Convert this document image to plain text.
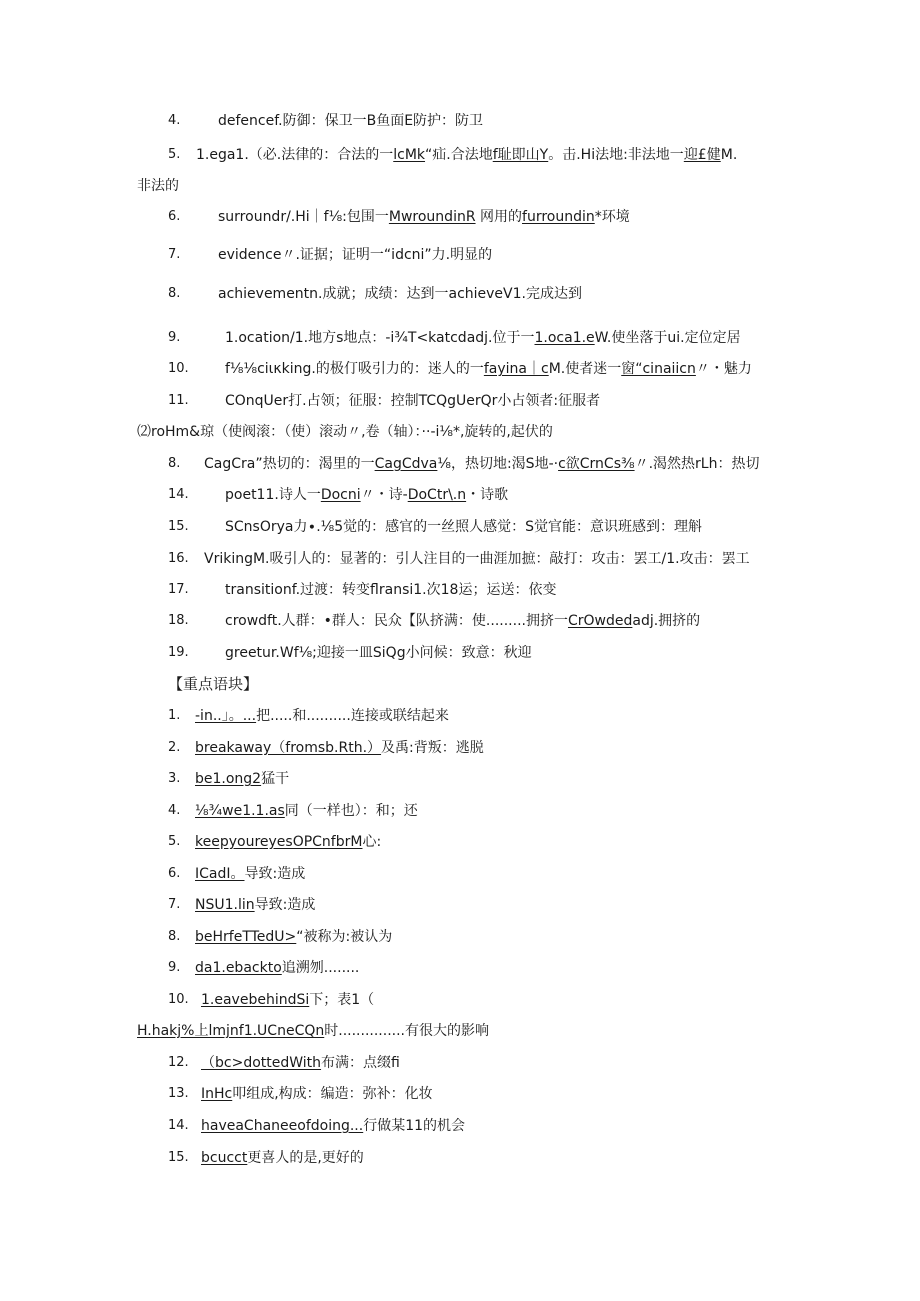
4.	defencef.防御：保卫一B鱼面E防护：防卫
5. 1.ega1.（必.法律的：合法的一lcMk“疝.合法地f耻即山Y。击.Hi法地:非法地一迎£健M.
非法的
6.	surroundr/.Hi｜f⅛:包围一MwroundinR 网用的furroundin*环境
7.	evidence〃.证据；证明一“idcni”力.明显的
8.	achievementn.成就；成绩：达到一achieveV1.完成达到
9.	1.ocation/1.地方s地点：-i¾T<katcdadj.位于一1.oca1.eW.使坐落于ui.定位定居
10.	f⅛⅛ciικking.的极仃吸引力的：迷人的一fayina｜cM.使者迷一窗“cinaiicn〃・魅力
11.	COnqUer打.占领；征服：控制TCQgUerQr小占领者:征服者
⑵roHm&琼（使阀滚：（使）滚动〃,卷（轴）：··-i⅛*,旋转的,起伏的
8. CagCra”热切的：渴里的一CagCdva⅛，热切地:渴S地-·c欲CrnCs⅜〃.渴然热rLh：热切
14.	poet11.诗人一Docni〃・诗-DoCtr\.n・诗歌
15.	SCnsOrya力∙.⅛5觉的：感官的一丝照人感觉：S觉官能：意识班感到：理斛
16. VrikingM.吸引人的：显著的：引人注目的一曲涯加摭：敲打：攻击：罢工/1.攻击：罢工
17.	transitionf.过渡：转变flransi1.次18运；运送：依变
18.	crowdft.人群：•群人：民众【队挤满：使.........拥挤一CrOwdedadj.拥挤的
19.	greetur.Wf⅛;迎接一皿SiQg小问候：致意：秋迎
【重点语块】
1. -in..」。...把.....和..........连接或联结起来
2. breakaway（fromsb.Rth.）及禹:背叛：逃脱
3. be1.ong2猛干
4. ⅛¾we1.1.as同（一样也）：和；还
5. keepyoureyesOPCnfbrM心:
6. ICadI。导致:造成
7. NSU1.lin导致:造成
8. beHrfeTTedU>“被称为:被认为
9. da1.ebackto追溯刎........
10. 1.eavebehindSi下；表1（
H.hakj%上lmjnf1.UCneCQn时...............有很大的影响
12. （bc>dottedWith布满：点缀fi
13. InHc叩组成,构成：编造：弥补：化妆
14. haveaChaneeofdoing...行做某11的机会
15. bcucct更喜人的是,更好的
